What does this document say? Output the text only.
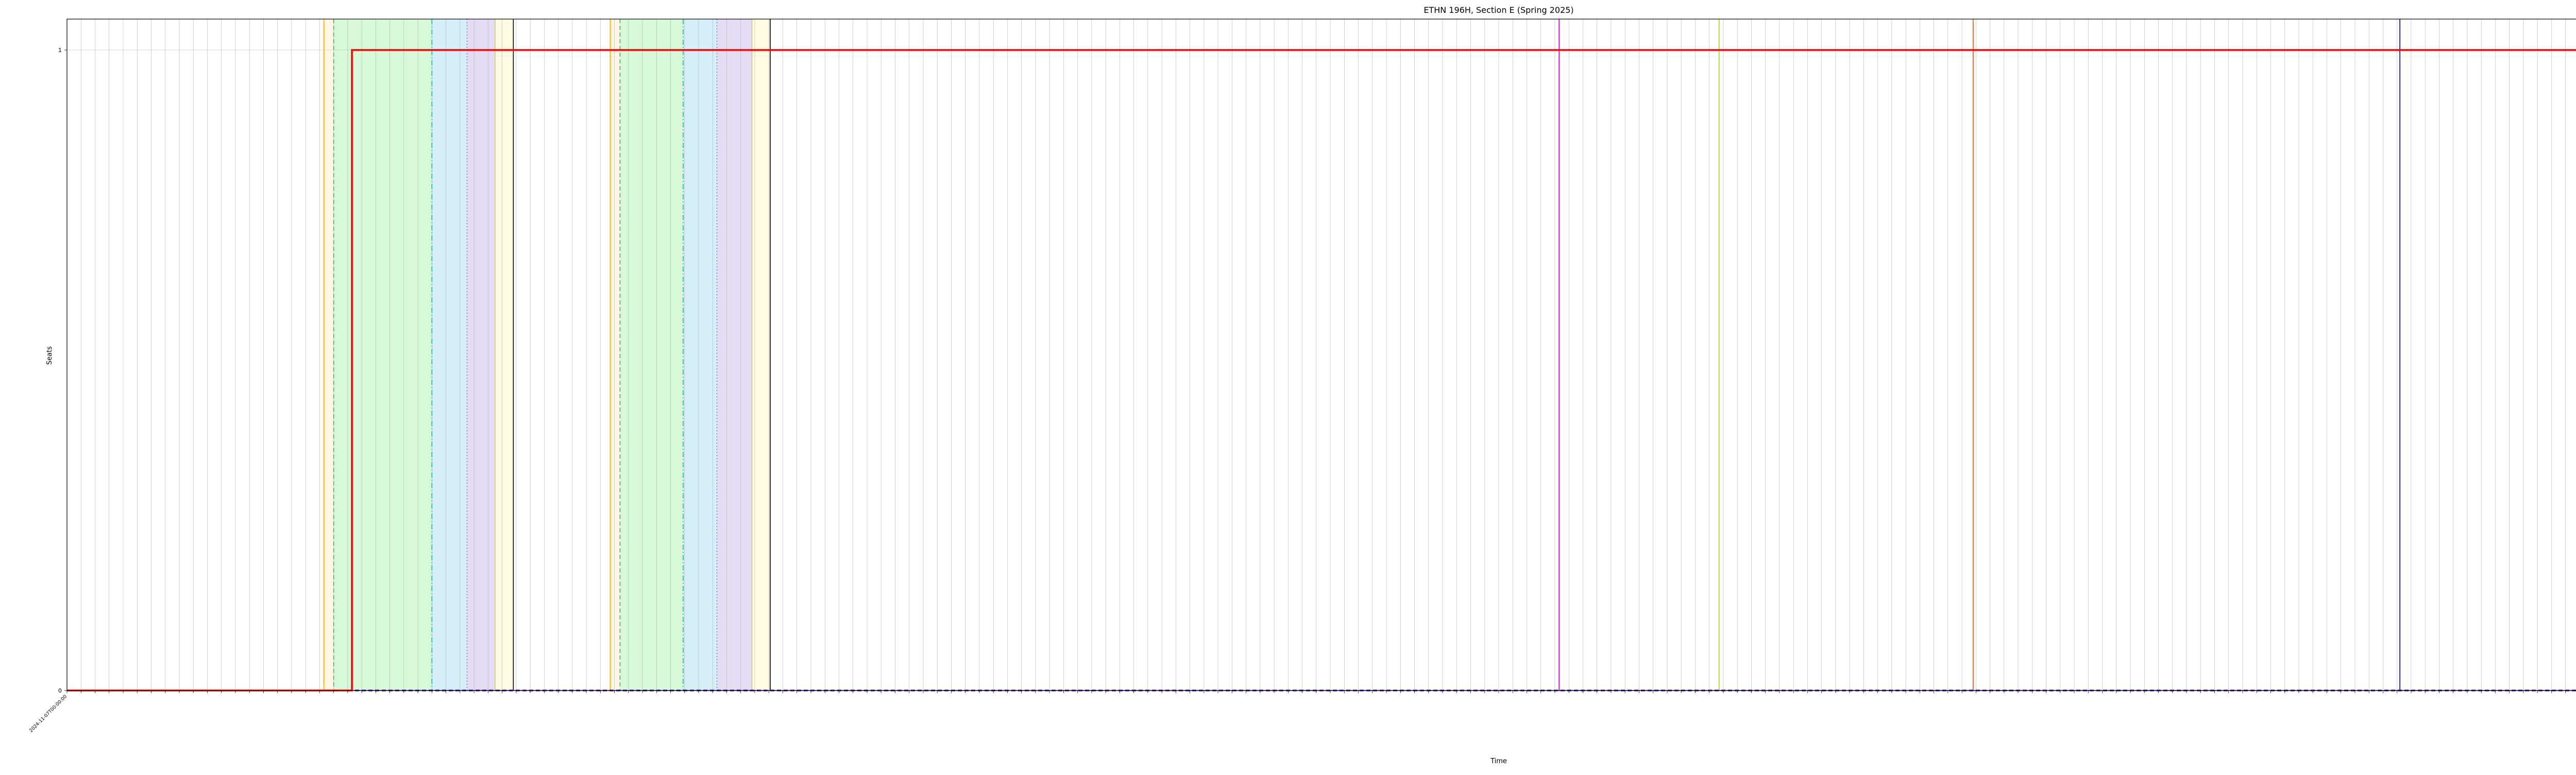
ETHN 196H, Section E (Spring 2025)
0
1
2024-11-07T00:00:00
Seats
Time
